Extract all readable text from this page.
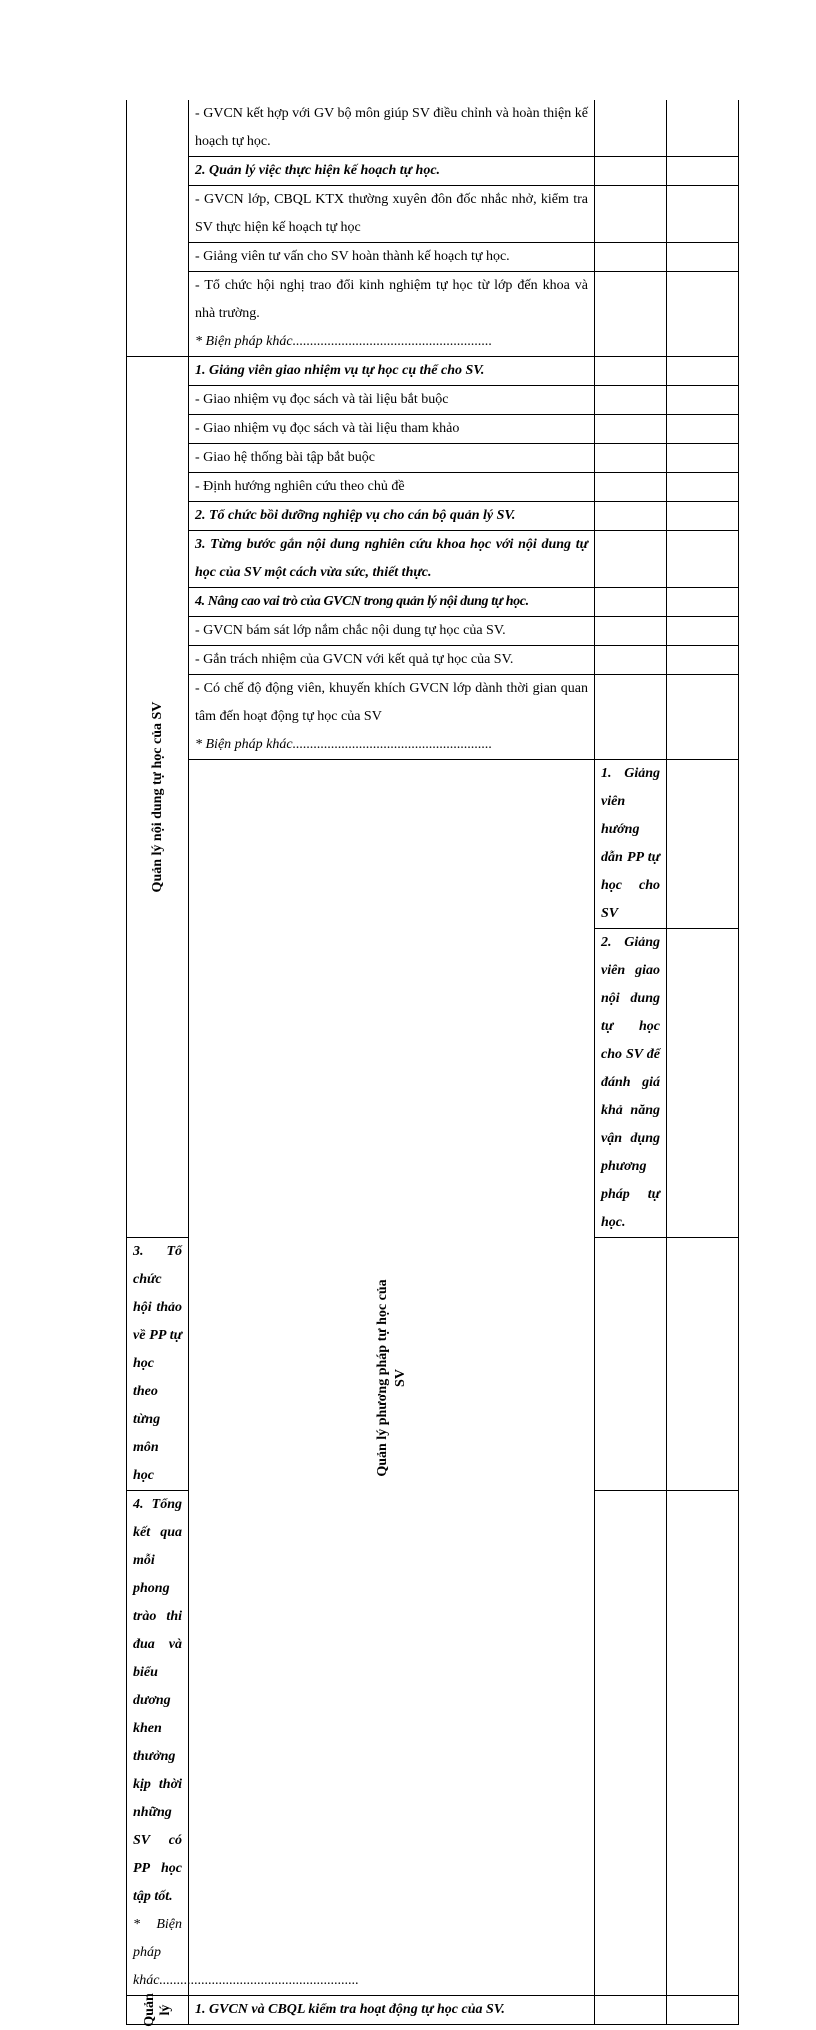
	- GVCN kết hợp với GV bộ môn giúp SV điều chỉnh và hoàn thiện kế hoạch tự học.			
	2. Quản lý việc thực hiện kế hoạch tự học.			
	- GVCN lớp, CBQL KTX thường xuyên đôn đốc nhắc nhở, kiểm tra SV thực hiện kế hoạch tự học			
	- Giảng viên tư vấn cho SV hoàn thành kế hoạch tự học.			
	- Tổ chức hội nghị trao đổi kinh nghiệm tự học từ lớp đến khoa và nhà trường.			
	* Biện pháp khác.........................................................			

Quản lý nội dung tự học của SV	1. Giảng viên giao nhiệm vụ tự học cụ thể cho SV.			
	- Giao nhiệm vụ đọc sách và tài liệu bắt buộc			
	- Giao nhiệm vụ đọc sách và tài liệu tham khảo			
	- Giao hệ thống bài tập bắt buộc			
	- Định hướng nghiên cứu theo chủ đề			
	2. Tổ chức bồi dưỡng nghiệp vụ cho cán bộ quản lý SV.			
	3. Từng bước gắn nội dung nghiên cứu khoa học với nội dung tự học của SV một cách vừa sức, thiết thực.			
	4. Nâng cao vai trò của GVCN trong quản lý nội dung tự học.			
	- GVCN bám sát lớp nắm chắc nội dung tự học của SV.			
	- Gắn trách nhiệm của GVCN với kết quả tự học của SV.			
	- Có chế độ động viên, khuyến khích GVCN lớp dành thời gian quan tâm đến hoạt động tự học của SV			
	* Biện pháp khác.........................................................			

	Quản lý phương pháp tự học của SV	1. Giảng viên hướng dẫn PP tự học cho SV		
		2. Giảng viên giao nội dung tự học cho SV để đánh giá khả năng vận dụng phương pháp tự học.		
3. Tổ chức hội thảo về PP tự học theo từng môn học				
4. Tổng kết qua mỗi phong trào thi đua và biểu dương khen thưởng kịp thời những SV có PP học tập tốt.				
* Biện pháp khác.........................................................				

Quản lý	1. GVCN và CBQL kiểm tra hoạt động tự học của SV.			
